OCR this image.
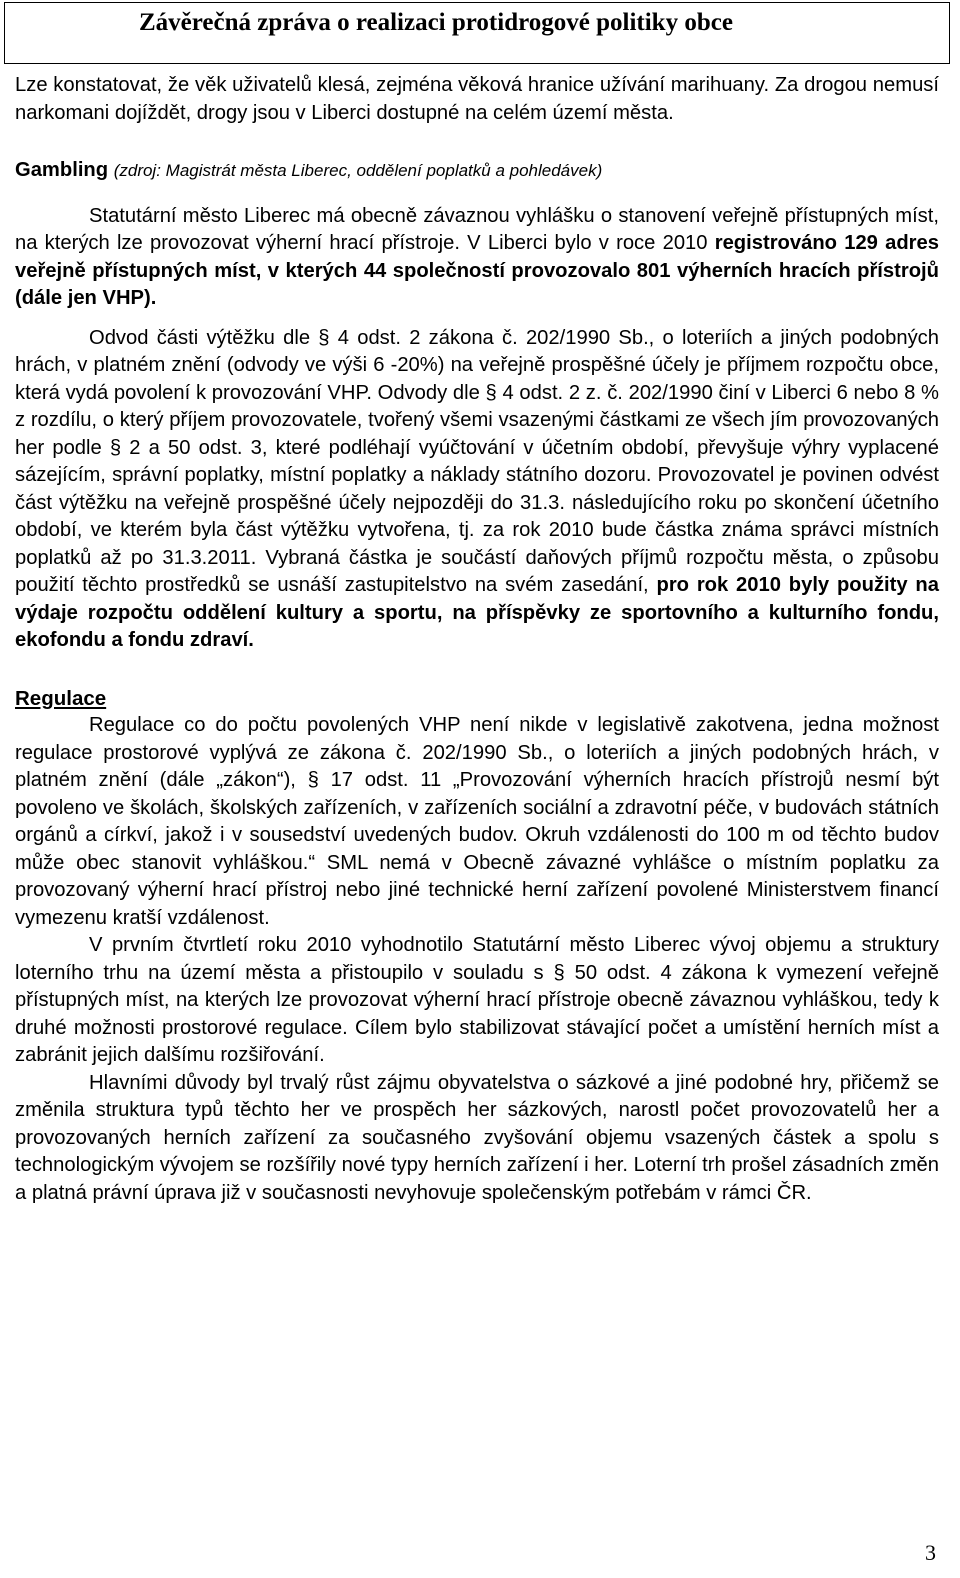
Závěrečná zpráva o realizaci protidrogové politiky obce

Lze konstatovat, že věk uživatelů klesá, zejména věková hranice užívání marihuany. Za drogou nemusí narkomani dojíždět, drogy jsou v Liberci dostupné na celém území města.

Gambling (zdroj: Magistrát města Liberec, oddělení poplatků a pohledávek)

Statutární město Liberec má obecně závaznou vyhlášku o stanovení veřejně přístupných míst, na kterých lze provozovat výherní hrací přístroje. V Liberci bylo v roce 2010 registrováno 129 adres veřejně přístupných míst, v kterých 44 společností provozovalo 801 výherních hracích přístrojů (dále jen VHP).

Odvod části výtěžku dle § 4 odst. 2 zákona č. 202/1990 Sb., o loteriích a jiných podobných hrách, v platném znění (odvody ve výši 6 -20%) na veřejně prospěšné účely je příjmem rozpočtu obce, která vydá povolení k provozování VHP. Odvody dle § 4 odst. 2 z. č. 202/1990 činí v Liberci 6 nebo 8 % z rozdílu, o který příjem provozovatele, tvořený všemi vsazenými částkami ze všech jím provozovaných her podle § 2 a 50 odst. 3, které podléhají vyúčtování v účetním období, převyšuje výhry vyplacené sázejícím, správní poplatky, místní poplatky a náklady státního dozoru. Provozovatel je povinen odvést část výtěžku na veřejně prospěšné účely nejpozději do 31.3. následujícího roku po skončení účetního období, ve kterém byla část výtěžku vytvořena, tj. za rok 2010 bude částka známa správci místních poplatků až po 31.3.2011. Vybraná částka je součástí daňových příjmů rozpočtu města, o způsobu použití těchto prostředků se usnáší zastupitelstvo na svém zasedání, pro rok 2010 byly použity na výdaje rozpočtu oddělení kultury a sportu, na příspěvky ze sportovního a kulturního fondu, ekofondu a fondu zdraví.

Regulace

Regulace co do počtu povolených VHP není nikde v legislativě zakotvena, jedna možnost regulace prostorové vyplývá ze zákona č. 202/1990 Sb., o loteriích a jiných podobných hrách, v platném znění (dále „zákon“), § 17 odst. 11 „Provozování výherních hracích přístrojů nesmí být povoleno ve školách, školských zařízeních, v zařízeních sociální a zdravotní péče, v budovách státních orgánů a církví, jakož i v sousedství uvedených budov. Okruh vzdálenosti do 100 m od těchto budov může obec stanovit vyhláškou.“ SML nemá v Obecně závazné vyhlášce o místním poplatku za provozovaný výherní hrací přístroj nebo jiné technické herní zařízení povolené Ministerstvem financí vymezenu kratší vzdálenost.

V prvním čtvrtletí roku 2010 vyhodnotilo Statutární město Liberec vývoj objemu a struktury loterního trhu na území města a přistoupilo v souladu s § 50 odst. 4 zákona k vymezení veřejně přístupných míst, na kterých lze provozovat výherní hrací přístroje obecně závaznou vyhláškou, tedy k druhé možnosti prostorové regulace. Cílem bylo stabilizovat stávající počet a umístění herních míst a zabránit jejich dalšímu rozšiřování.

Hlavními důvody byl trvalý růst zájmu obyvatelstva o sázkové a jiné podobné hry, přičemž se změnila struktura typů těchto her ve prospěch her sázkových, narostl počet provozovatelů her a provozovaných herních zařízení za současného zvyšování objemu vsazených částek a spolu s technologickým vývojem se rozšířily nové typy herních zařízení i her. Loterní trh prošel zásadních změn a platná právní úprava již v současnosti nevyhovuje společenským potřebám v rámci ČR.

3
